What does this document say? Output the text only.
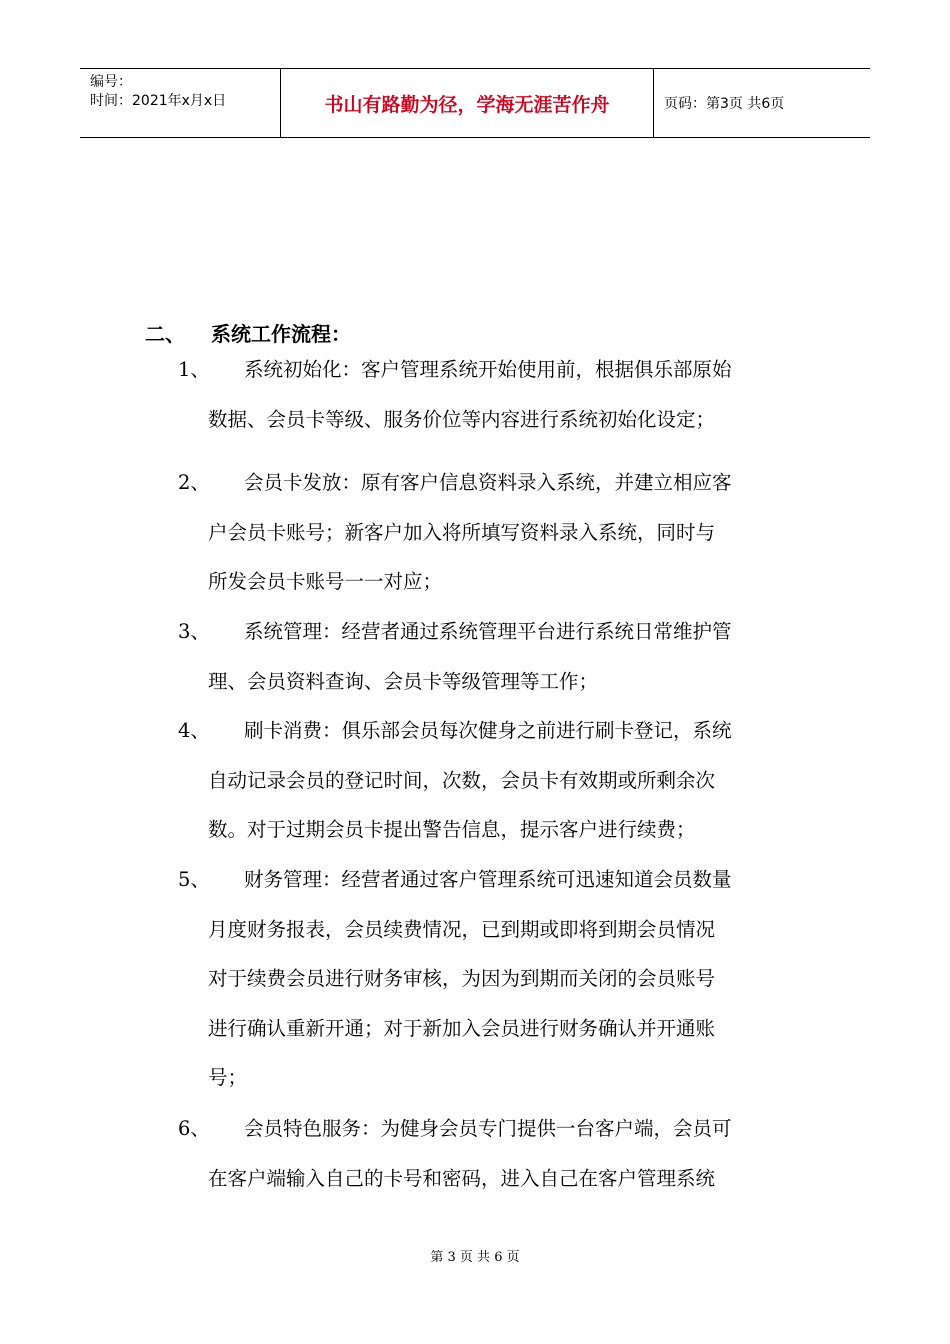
编号：
时间：2021年x月x日	书山有路勤为径，学海无涯苦作舟	页码：第3页 共6页
二、 系统工作流程：
1、 系统初始化：客户管理系统开始使用前，根据俱乐部原始
数据、会员卡等级、服务价位等内容进行系统初始化设定；
2、 会员卡发放：原有客户信息资料录入系统，并建立相应客
户会员卡账号；新客户加入将所填写资料录入系统，同时与
所发会员卡账号一一对应；
3、 系统管理：经营者通过系统管理平台进行系统日常维护管
理、会员资料查询、会员卡等级管理等工作；
4、 刷卡消费：俱乐部会员每次健身之前进行刷卡登记，系统
自动记录会员的登记时间，次数，会员卡有效期或所剩余次
数。对于过期会员卡提出警告信息，提示客户进行续费；
5、 财务管理：经营者通过客户管理系统可迅速知道会员数量
月度财务报表，会员续费情况，已到期或即将到期会员情况
对于续费会员进行财务审核，为因为到期而关闭的会员账号
进行确认重新开通；对于新加入会员进行财务确认并开通账
号；
6、 会员特色服务：为健身会员专门提供一台客户端，会员可
在客户端输入自己的卡号和密码，进入自己在客户管理系统
第 3 页 共 6 页
